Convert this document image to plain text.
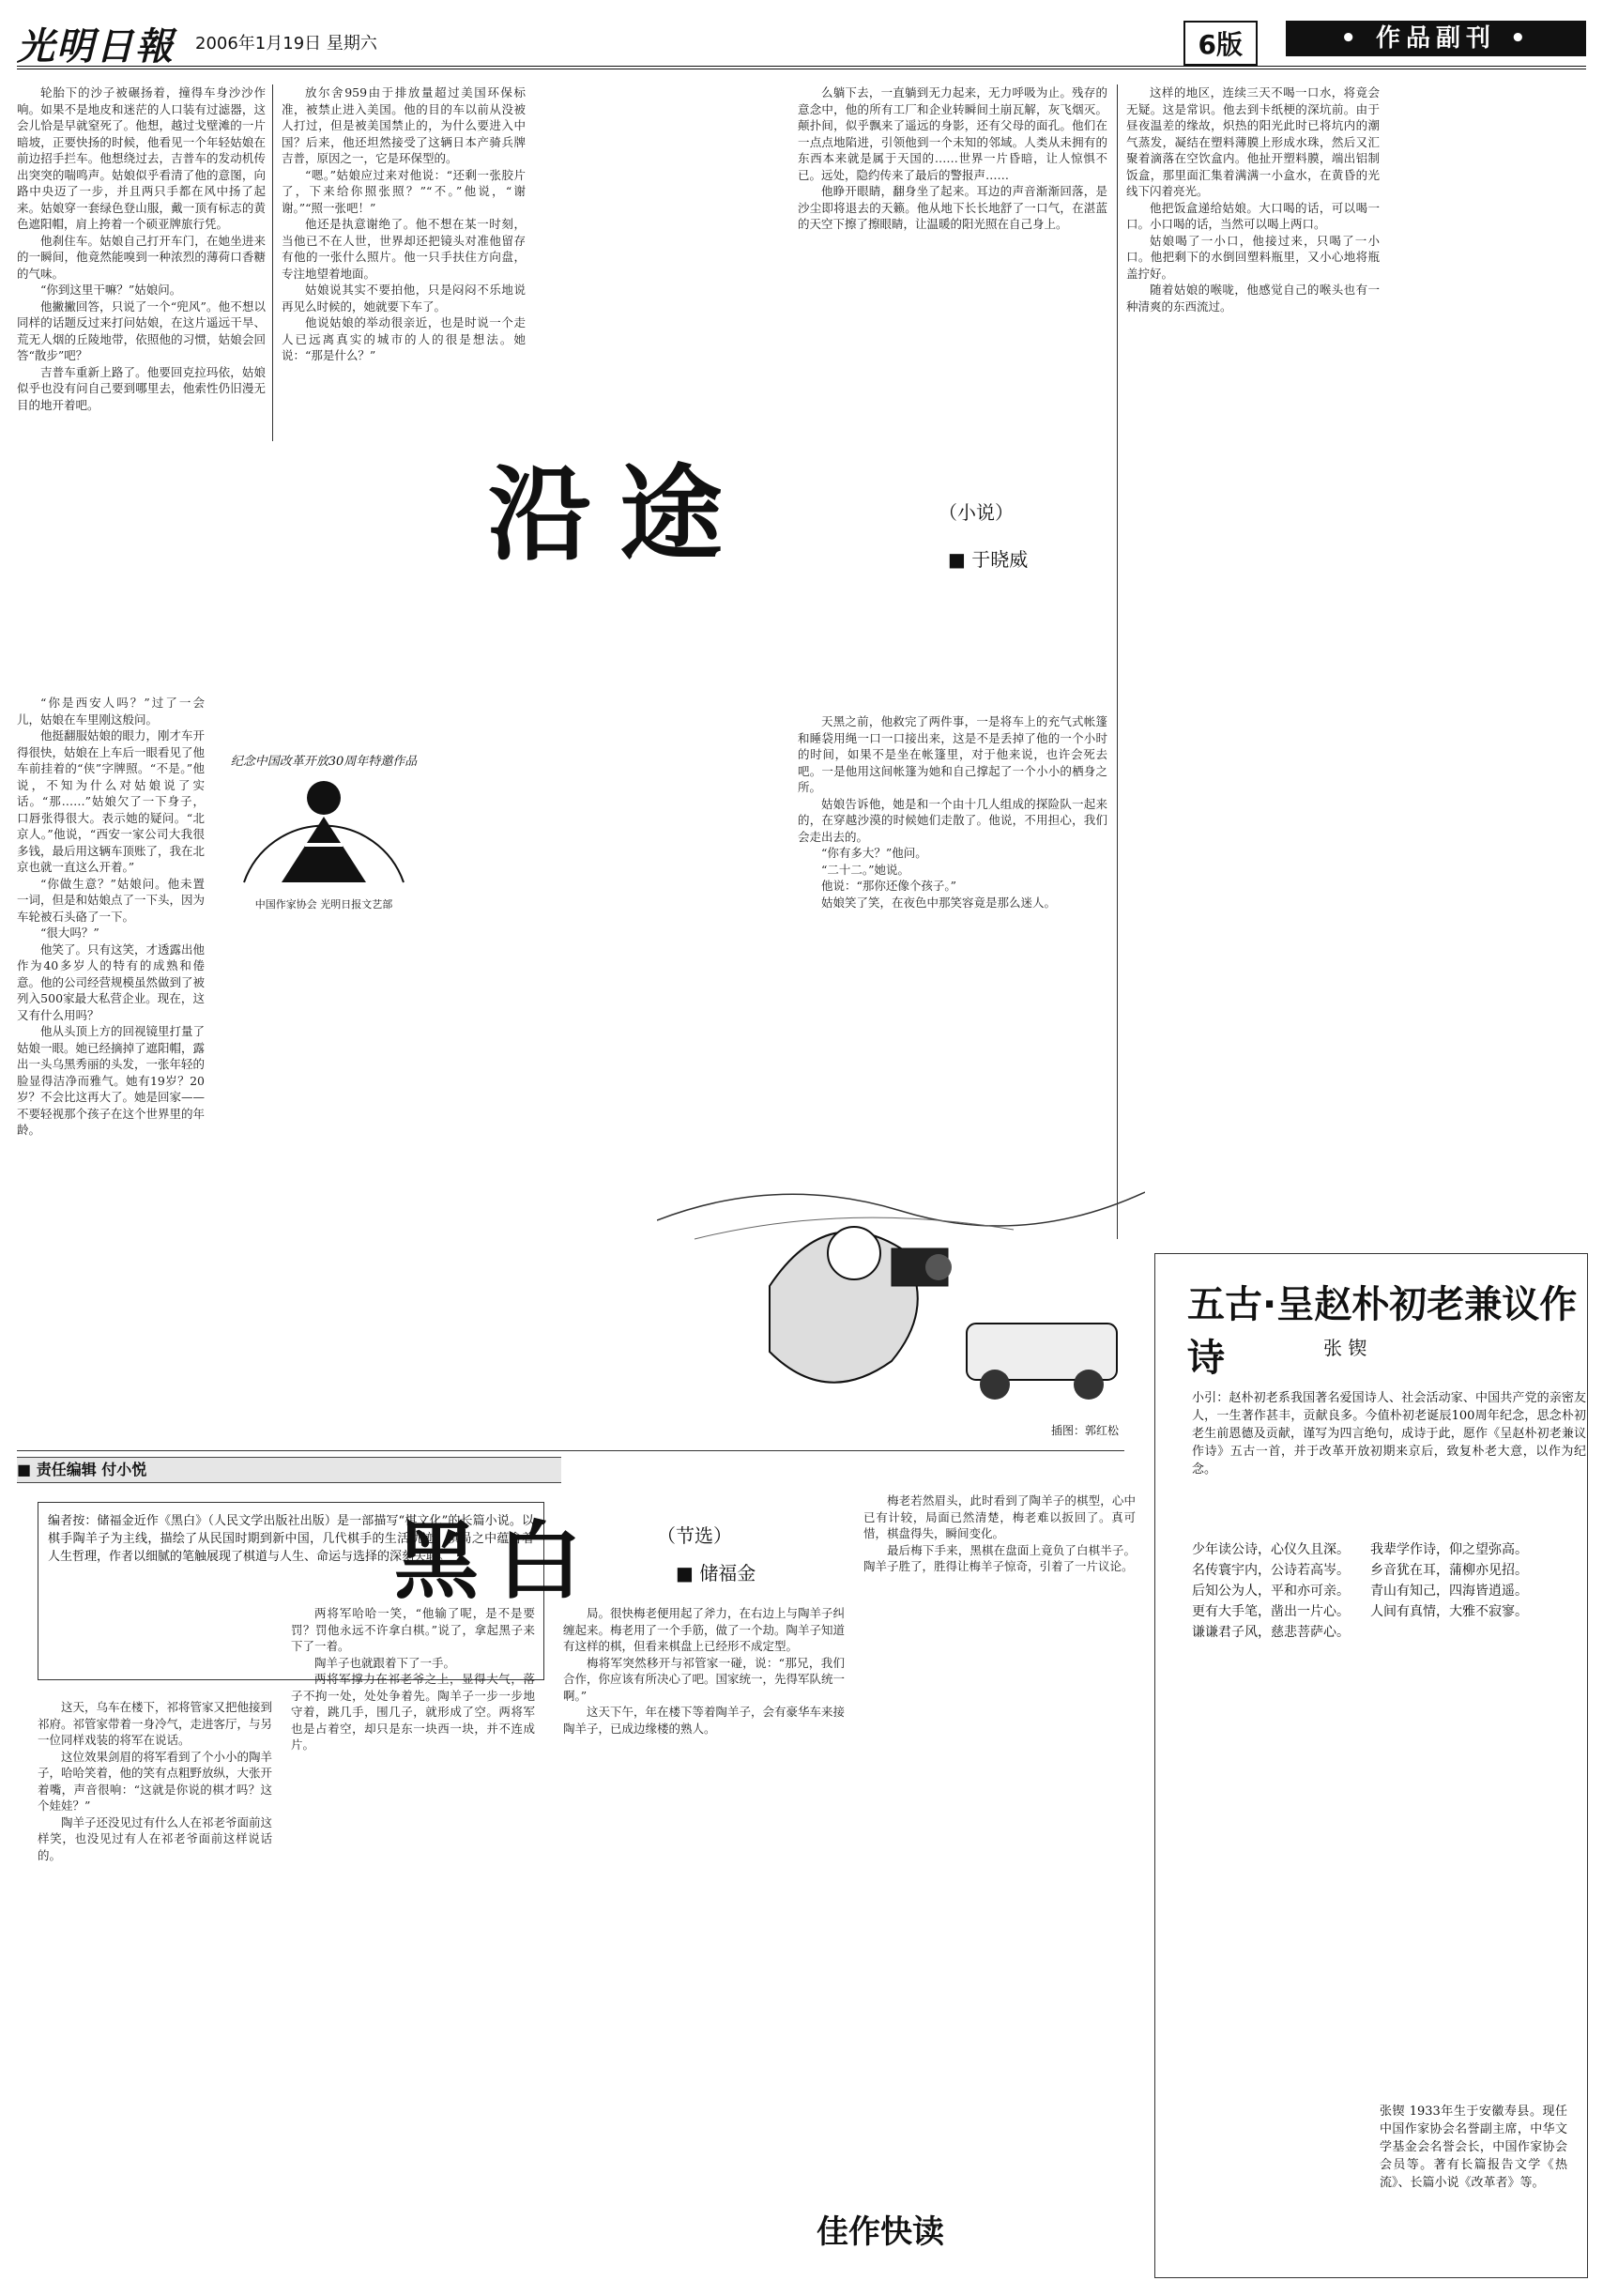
光明日報 2006年1月19日 星期六	6版	• 作品副刊 •

轮胎下的沙子被碾扬着，撞得车身沙沙作响。如果不是地皮和迷茫的人口装有过滤器，这会儿恰是早就窒死了。他想，越过戈壁滩的一片暗坡，正要快扬的时候，他看见一个年轻姑娘在前边招手拦车。他想绕过去，吉普车的发动机传出突突的喘鸣声。姑娘似乎看清了他的意图，向路中央迈了一步，并且两只手都在风中扬了起来。姑娘穿一套绿色登山服，戴一顶有标志的黄色遮阳帽，肩上挎着一个硕亚牌旅行凭。

他刹住车。姑娘自己打开车门，在她坐进来的一瞬间，他竟然能嗅到一种浓烈的薄荷口香糖的气味。

“你到这里干嘛？”姑娘问。

他撇撇回答，只说了一个“兜风”。他不想以同样的话题反过来打问姑娘，在这片遥远干旱、荒无人烟的丘陵地带，依照他的习惯，姑娘会回答“散步”吧？

吉普车重新上路了。他要回克拉玛依，姑娘似乎也没有问自己要到哪里去，他索性仍旧漫无目的地开着吧。

“你是西安人吗？”过了一会儿，姑娘在车里刚这般问。

他挺翻服姑娘的眼力，刚才车开得很快，姑娘在上车后一眼看见了他车前挂着的“侠”字牌照。“不是。”他说，不知为什么对姑娘说了实话。“那……”姑娘欠了一下身子，口唇张得很大。表示她的疑问。“北京人。”他说，“西安一家公司大我很多钱，最后用这辆车顶账了，我在北京也就一直这么开着。”

“你做生意？”姑娘问。他未置一词，但是和姑娘点了一下头，因为车轮被石头硌了一下。

“很大吗？”

他笑了。只有这笑，才透露出他作为40多岁人的特有的成熟和倦意。他的公司经营规模虽然做到了被列入500家最大私营企业。现在，这又有什么用吗？

他从头顶上方的回视镜里打量了姑娘一眼。她已经摘掉了遮阳帽，露出一头乌黑秀丽的头发，一张年轻的脸显得洁净而雅气。她有19岁？20岁？不会比这再大了。她是回家——不要轻视那个孩子在这个世界里的年龄。

放尔舍959由于排放量超过美国环保标准，被禁止进入美国。他的目的车以前从没被人打过，但是被美国禁止的，为什么要进入中国？后来，他还坦然接受了这辆日本产骑兵牌吉普，原因之一，它是环保型的。

“嗯。”姑娘应过来对他说：“还剩一张胶片了，下来给你照张照？”“不。”他说，“谢谢。”“照一张吧！”

他还是执意谢绝了。他不想在某一时刻，当他已不在人世，世界却还把镜头对准他留存有他的一张什么照片。他一只手扶住方向盘，专注地望着地面。

姑娘说其实不要拍他，只是闷闷不乐地说再见么时候的，她就要下车了。

他说姑娘的举动很亲近，也是时说一个走人已远离真实的城市的人的很是想法。她说：“那是什么？”

么躺下去，一直躺到无力起来，无力呼吸为止。残存的意念中，他的所有工厂和企业转瞬间土崩瓦解，灰飞烟灭。颠扑间，似乎飘来了遥远的身影，还有父母的面孔。他们在一点点地陷进，引领他到一个未知的邻域。人类从未拥有的东西本来就是属于天国的……世界一片昏暗，让人惊惧不已。远处，隐约传来了最后的警报声……

他睁开眼睛，翻身坐了起来。耳边的声音渐渐回落，是沙尘即将退去的天籁。他从地下长长地舒了一口气，在湛蓝的天空下擦了擦眼睛，让温暖的阳光照在自己身上。

这样的地区，连续三天不喝一口水，将竟会无疑。这是常识。他去到卡纸梗的深坑前。由于昼夜温差的缘故，炽热的阳光此时已将坑内的潮气蒸发，凝结在塑料薄膜上形成水珠，然后又汇聚着滴落在空饮盒内。他扯开塑料膜，端出铝制饭盒，那里面汇集着满满一小盒水，在黄昏的光线下闪着亮光。

他把饭盒递给姑娘。大口喝的话，可以喝一口。小口喝的话，当然可以喝上两口。

姑娘喝了一小口，他接过来，只喝了一小口。他把剩下的水倒回塑料瓶里，又小心地将瓶盖拧好。

随着姑娘的喉咙，他感觉自己的喉头也有一种清爽的东西流过。

天黑之前，他救完了两件事，一是将车上的充气式帐篷和睡袋用绳一口一口接出来，这是不是丢掉了他的一个小时的时间，如果不是坐在帐篷里，对于他来说，也许会死去吧。一是他用这间帐篷为她和自己撑起了一个小小的栖身之所。

姑娘告诉他，她是和一个由十几人组成的探险队一起来的，在穿越沙漠的时候她们走散了。他说，不用担心，我们会走出去的。

“你有多大？”他问。

“二十二。”她说。

他说：“那你还像个孩子。”

姑娘笑了笑，在夜色中那笑容竟是那么迷人。

沿途	（小说）
■ 于晓威
纪念中国改革开放30周年特邀作品
中国作家协会 光明日报文艺部
插图：郭红松
五古·呈赵朴初老兼议作诗	张 锲
小引：赵朴初老系我国著名爱国诗人、社会活动家、中国共产党的亲密友人，一生著作甚丰，贡献良多。今值朴初老诞辰100周年纪念，思念朴初老生前恩德及贡献，谨写为四言绝句，成诗于此，愿作《呈赵朴初老兼议作诗》五古一首，并于改革开放初期来京后，致复朴老大意，以作为纪念。
少年读公诗，心仪久且深。名传寰宇内，公诗若高岑。后知公为人，平和亦可亲。更有大手笔，凿出一片心。谦谦君子风，慈悲菩萨心。
我辈学作诗，仰之望弥高。乡音犹在耳，蒲柳亦见招。青山有知己，四海皆逍遥。人间有真情，大雅不寂寥。
张锲 1933年生于安徽寿县。现任中国作家协会名誉副主席，中华文学基金会名誉会长，中国作家协会会员等。著有长篇报告文学《热流》、长篇小说《改革者》等。
■ 责任编辑 付小悦
编者按：储福金近作《黑白》（人民文学出版社出版）是一部描写“棋文化”的长篇小说。以棋手陶羊子为主线，描绘了从民国时期到新中国，几代棋手的生活轨迹，棋局之中蕴含着人生哲理，作者以细腻的笔触展现了棋道与人生、命运与选择的深刻关联。
黑白	（节选）
■ 储福金

这天，乌车在楼下，祁将管家又把他接到祁府。祁管家带着一身冷气，走进客厅，与另一位同样戏装的将军在说话。

这位效果剑眉的将军看到了个小小的陶羊子，哈哈笑着，他的笑有点粗野放纵，大张开着嘴，声音很响：“这就是你说的棋才吗？这个娃娃？”

陶羊子还没见过有什么人在祁老爷面前这样笑，也没见过有人在祁老爷面前这样说话的。

两将军哈哈一笑，“他输了呢，是不是要罚？罚他永远不许拿白棋。”说了，拿起黑子来下了一着。

陶羊子也就跟着下了一手。

两将军撑力在祁老爷之上，显得大气，落子不拘一处，处处争着先。陶羊子一步一步地守着，跳几手，围几子，就形成了空。两将军也是占着空，却只是东一块西一块，并不连成片。

局。很快梅老便用起了斧力，在右边上与陶羊子纠缠起来。梅老用了一个手筋，做了一个劫。陶羊子知道有这样的棋，但看来棋盘上已经形不成定型。

梅将军突然移开与祁管家一碰，说：“那兄，我们合作，你应该有所决心了吧。国家统一，先得军队统一啊。”

这天下午，年在楼下等着陶羊子，会有豪华车来接陶羊子，已成边缘楼的熟人。

梅老若然眉头，此时看到了陶羊子的棋型，心中已有计较，局面已然清楚，梅老难以扳回了。真可惜，棋盘得失，瞬间变化。

最后梅下手来，黑棋在盘面上竟负了白棋半子。陶羊子胜了，胜得让梅羊子惊奇，引着了一片议论。

佳作快读
